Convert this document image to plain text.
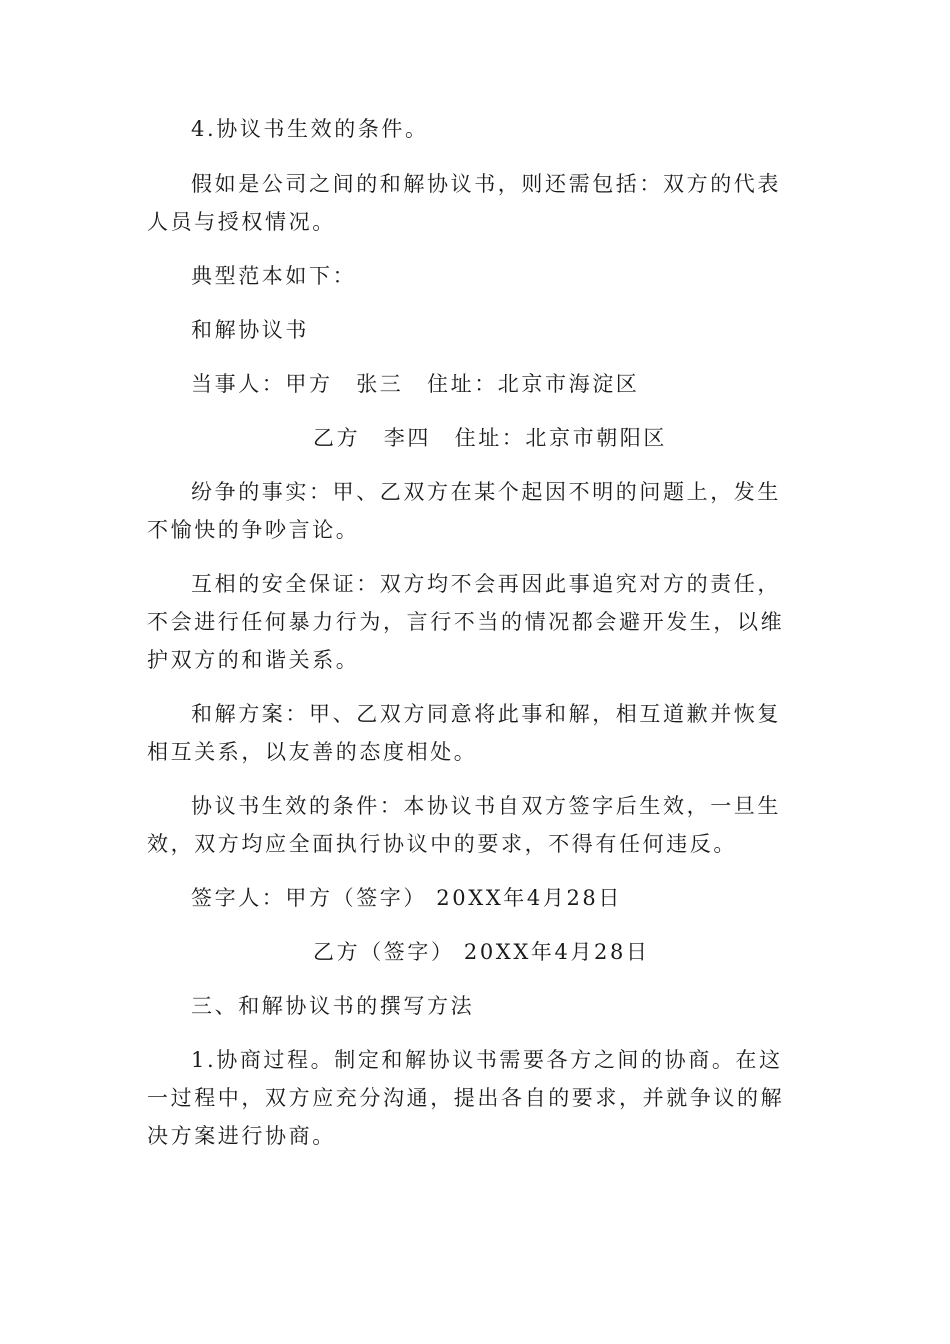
4.协议书生效的条件。

假如是公司之间的和解协议书，则还需包括：双方的代表人员与授权情况。

典型范本如下：

和解协议书

当事人：甲方　张三　住址：北京市海淀区

乙方　李四　住址：北京市朝阳区

纷争的事实：甲、乙双方在某个起因不明的问题上，发生不愉快的争吵言论。

互相的安全保证：双方均不会再因此事追究对方的责任，不会进行任何暴力行为，言行不当的情况都会避开发生，以维护双方的和谐关系。

和解方案：甲、乙双方同意将此事和解，相互道歉并恢复相互关系，以友善的态度相处。

协议书生效的条件：本协议书自双方签字后生效，一旦生效，双方均应全面执行协议中的要求，不得有任何违反。

签字人：甲方（签字） 20XX年4月28日

乙方（签字） 20XX年4月28日

三、和解协议书的撰写方法

1.协商过程。制定和解协议书需要各方之间的协商。在这一过程中，双方应充分沟通，提出各自的要求，并就争议的解决方案进行协商。
